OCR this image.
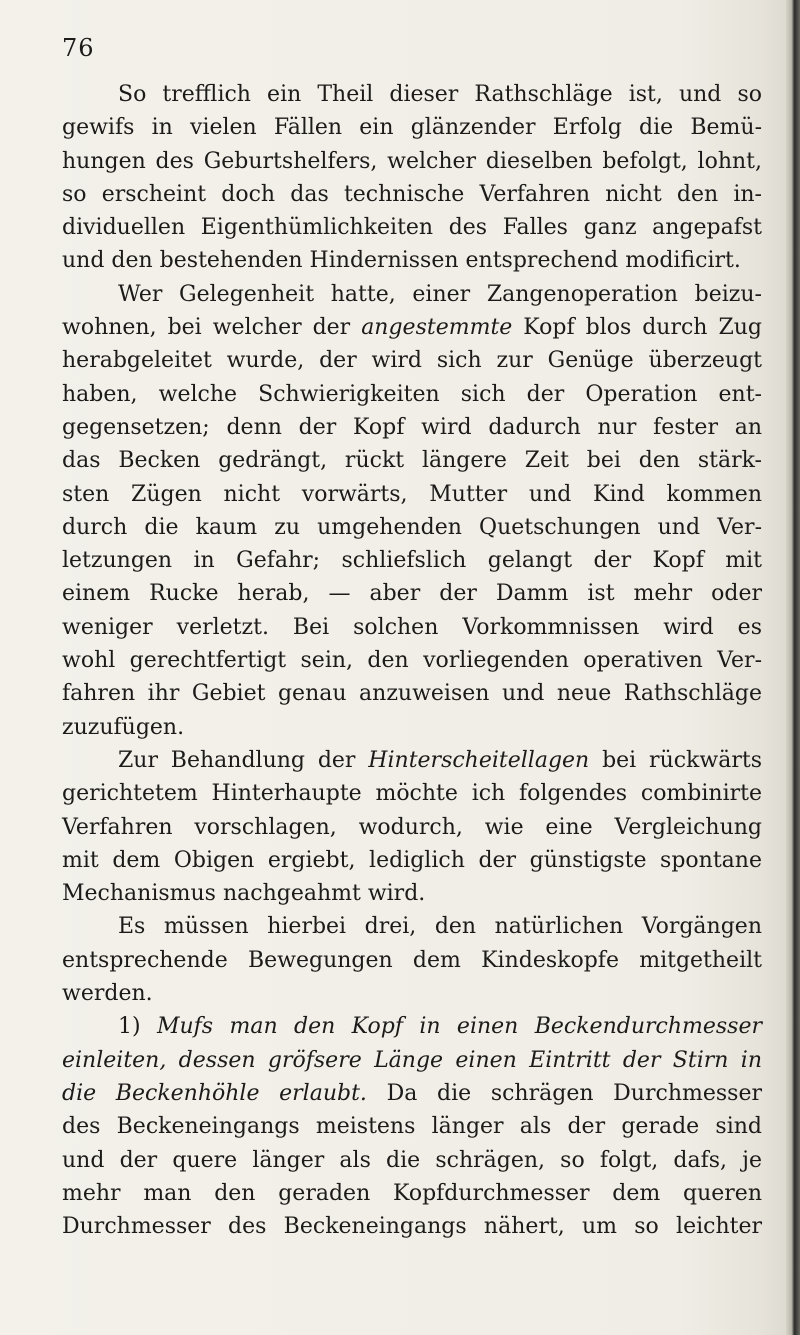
76
So trefflich ein Theil dieser Rathschläge ist, und so
gewifs in vielen Fällen ein glänzender Erfolg die Bemü-
hungen des Geburtshelfers, welcher dieselben befolgt, lohnt,
so erscheint doch das technische Verfahren nicht den in-
dividuellen Eigenthümlichkeiten des Falles ganz angepafst
und den bestehenden Hindernissen entsprechend modificirt.
Wer Gelegenheit hatte, einer Zangenoperation beizu-
wohnen, bei welcher der angestemmte Kopf blos durch Zug
herabgeleitet wurde, der wird sich zur Genüge überzeugt
haben, welche Schwierigkeiten sich der Operation ent-
gegensetzen; denn der Kopf wird dadurch nur fester an
das Becken gedrängt, rückt längere Zeit bei den stärk-
sten Zügen nicht vorwärts, Mutter und Kind kommen
durch die kaum zu umgehenden Quetschungen und Ver-
letzungen in Gefahr; schliefslich gelangt der Kopf mit
einem Rucke herab, — aber der Damm ist mehr oder
weniger verletzt. Bei solchen Vorkommnissen wird es
wohl gerechtfertigt sein, den vorliegenden operativen Ver-
fahren ihr Gebiet genau anzuweisen und neue Rathschläge
zuzufügen.
Zur Behandlung der Hinterscheitellagen bei rückwärts
gerichtetem Hinterhaupte möchte ich folgendes combinirte
Verfahren vorschlagen, wodurch, wie eine Vergleichung
mit dem Obigen ergiebt, lediglich der günstigste spontane
Mechanismus nachgeahmt wird.
Es müssen hierbei drei, den natürlichen Vorgängen
entsprechende Bewegungen dem Kindeskopfe mitgetheilt
werden.
1) Mufs man den Kopf in einen Beckendurchmesser
einleiten, dessen gröfsere Länge einen Eintritt der Stirn in
die Beckenhöhle erlaubt. Da die schrägen Durchmesser
des Beckeneingangs meistens länger als der gerade sind
und der quere länger als die schrägen, so folgt, dafs, je
mehr man den geraden Kopfdurchmesser dem queren
Durchmesser des Beckeneingangs nähert, um so leichter
